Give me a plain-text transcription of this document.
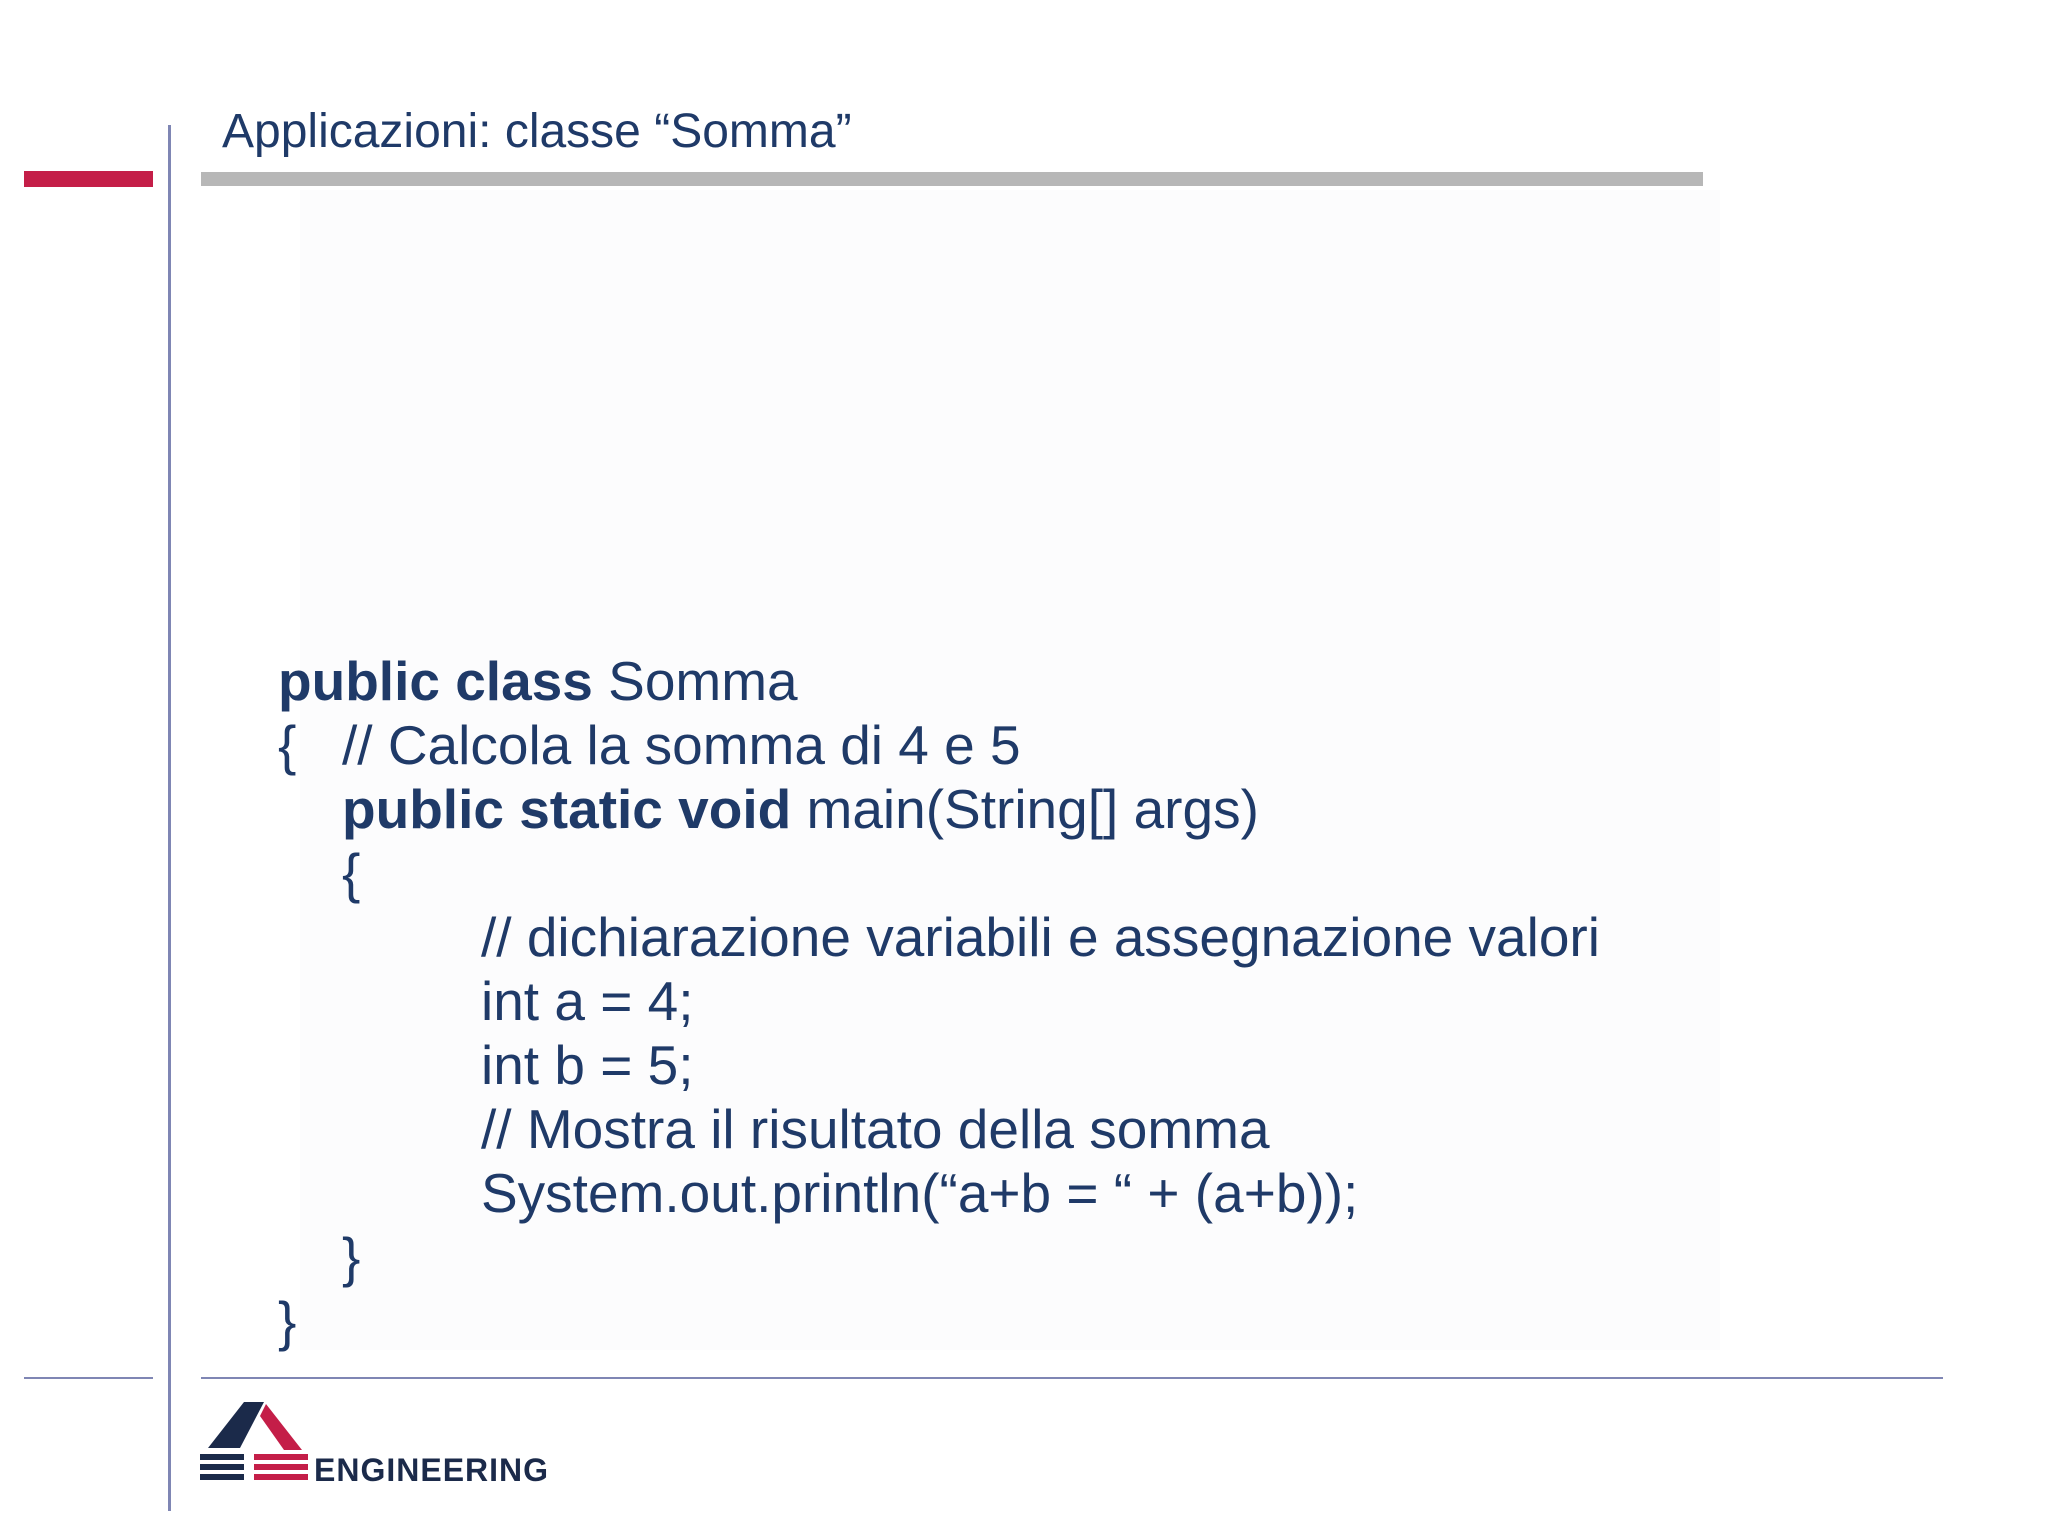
Applicazioni: classe “Somma”
public class Somma
{ // Calcola la somma di 4 e 5
public static void main(String[] args)
{
// dichiarazione variabili e assegnazione valori
int a = 4;
int b = 5;
// Mostra il risultato della somma
System.out.println(“a+b = “ + (a+b));
}
}
ENGINEERING
